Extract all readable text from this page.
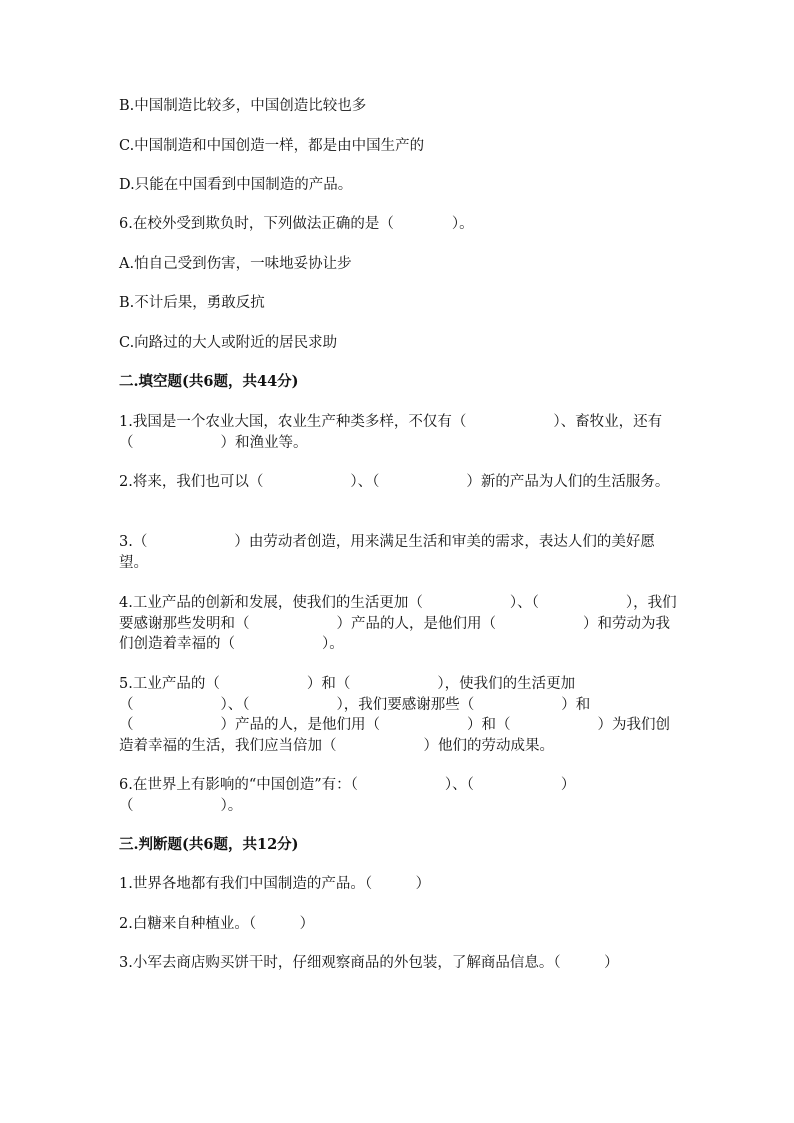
B.中国制造比较多，中国创造比较也多
C.中国制造和中国创造一样，都是由中国生产的
D.只能在中国看到中国制造的产品。
6.在校外受到欺负时，下列做法正确的是（　　　　）。
A.怕自己受到伤害，一味地妥协让步
B.不计后果，勇敢反抗
C.向路过的大人或附近的居民求助
二.填空题(共6题，共44分)
1.我国是一个农业大国，农业生产种类多样，不仅有（　　　　　　）、畜牧业，还有（　　　　　　）和渔业等。
2.将来，我们也可以（　　　　　　）、（　　　　　　）新的产品为人们的生活服务。
3.（　　　　　　）由劳动者创造，用来满足生活和审美的需求，表达人们的美好愿望。
4.工业产品的创新和发展，使我们的生活更加（　　　　　　）、（　　　　　　），我们要感谢那些发明和（　　　　　　）产品的人，是他们用（　　　　　　）和劳动为我们创造着幸福的（　　　　　　）。
5.工业产品的（　　　　　　）和（　　　　　　），使我们的生活更加（　　　　　　）、（　　　　　　），我们要感谢那些（　　　　　　）和（　　　　　　）产品的人，是他们用（　　　　　　）和（　　　　　　）为我们创造着幸福的生活，我们应当倍加（　　　　　　）他们的劳动成果。
6.在世界上有影响的“中国创造”有：（　　　　　　）、（　　　　　　）（　　　　　　）。
三.判断题(共6题，共12分)
1.世界各地都有我们中国制造的产品。（　　　）
2.白糖来自种植业。（　　　）
3.小军去商店购买饼干时，仔细观察商品的外包装，了解商品信息。（　　　）
